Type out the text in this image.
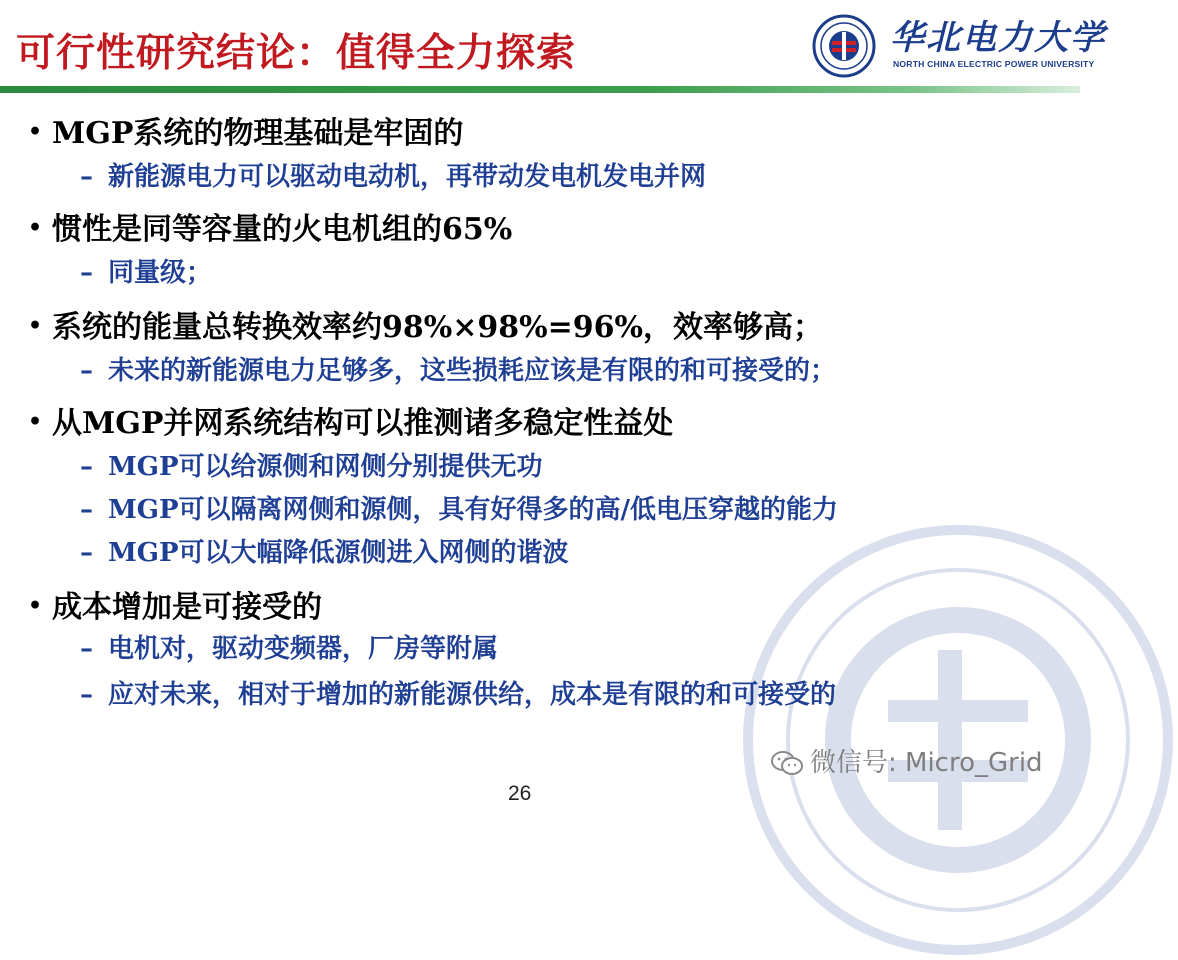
可行性研究结论：值得全力探索	华北电力大学
NORTH CHINA ELECTRIC POWER UNIVERSITY
• MGP系统的物理基础是牢固的
– 新能源电力可以驱动电动机，再带动发电机发电并网
• 惯性是同等容量的火电机组的65%
– 同量级；
• 系统的能量总转换效率约98%×98%=96%，效率够高；
– 未来的新能源电力足够多，这些损耗应该是有限的和可接受的；
• 从MGP并网系统结构可以推测诸多稳定性益处
– MGP可以给源侧和网侧分别提供无功
– MGP可以隔离网侧和源侧，具有好得多的高/低电压穿越的能力
– MGP可以大幅降低源侧进入网侧的谐波
• 成本增加是可接受的
– 电机对，驱动变频器，厂房等附属
– 应对未来，相对于增加的新能源供给，成本是有限的和可接受的
微信号: Micro_Grid
26
